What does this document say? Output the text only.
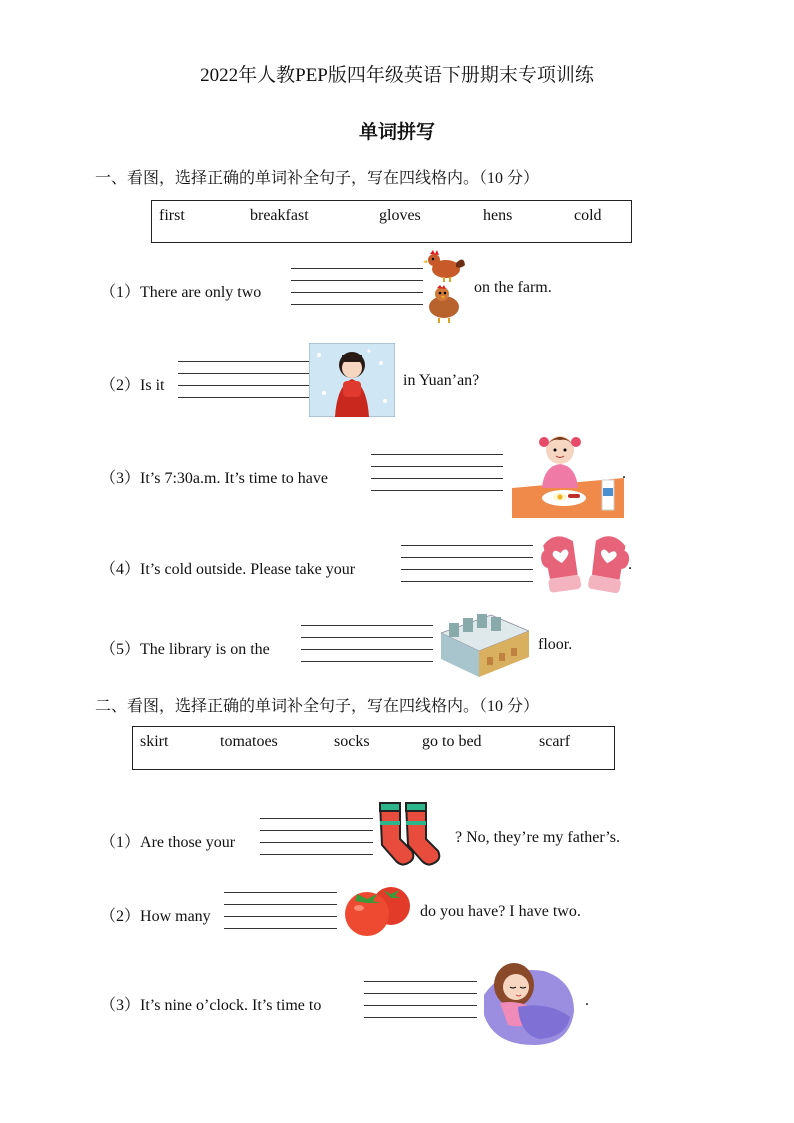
2022年人教PEP版四年级英语下册期末专项训练
单词拼写
一、看图，选择正确的单词补全句子，写在四线格内。（10 分）
first	breakfast	gloves	hens	cold
（1）There are only two	on the farm.
（2）Is it	in Yuan’an?
（3）It’s 7:30a.m. It’s time to have	.
（4）It’s cold outside. Please take your	.
（5）The library is on the	floor.
二、看图，选择正确的单词补全句子，写在四线格内。（10 分）
skirt	tomatoes	socks	go to bed	scarf
（1）Are those your	? No, they’re my father’s.
（2）How many	do you have? I have two.
（3）It’s nine o’clock. It’s time to	.
